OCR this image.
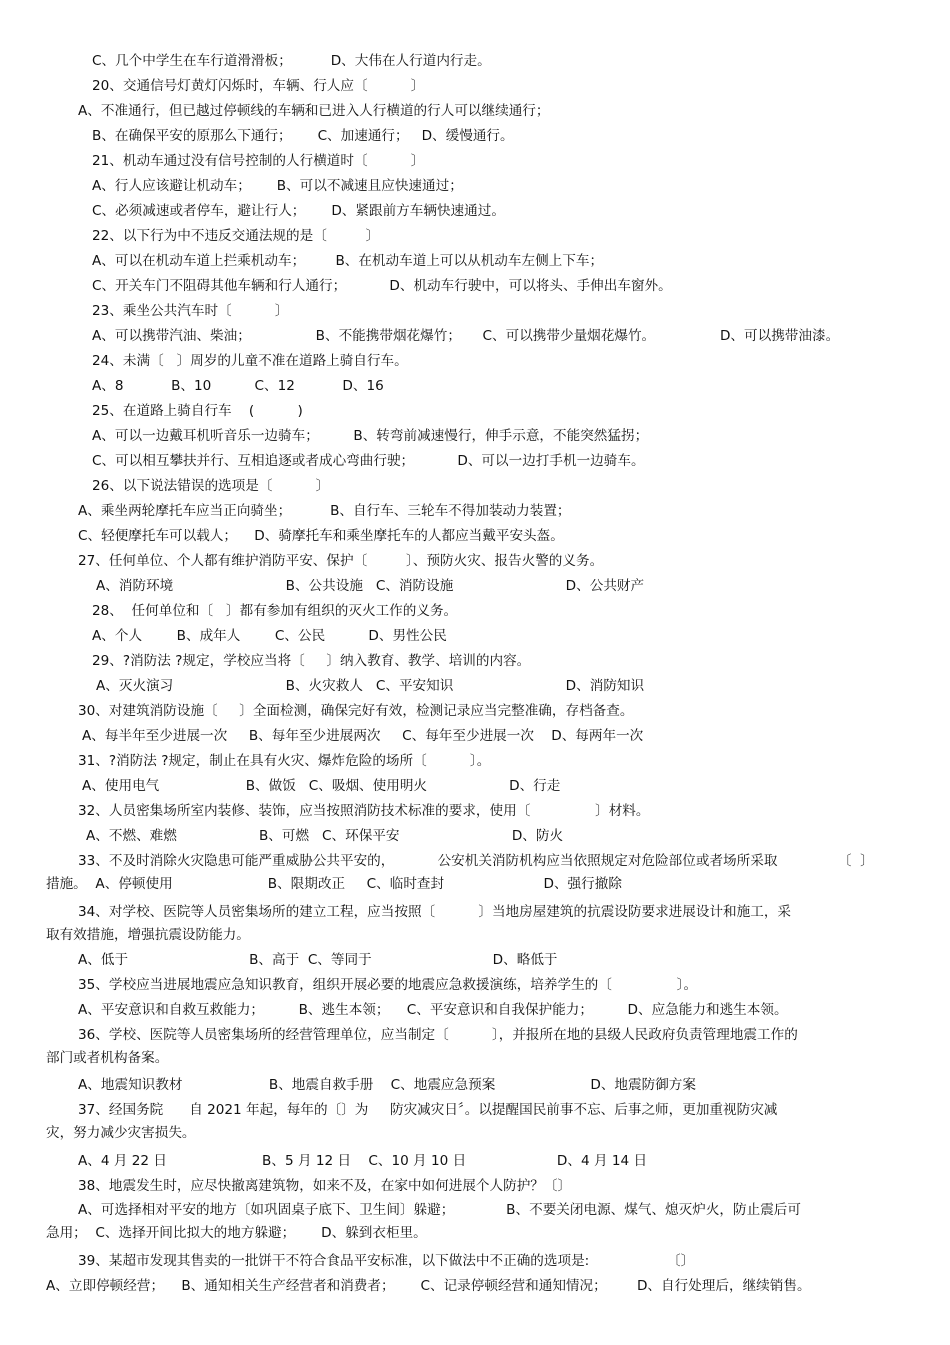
C、几个中学生在车行道滑滑板；         D、大伟在人行道内行走。
20、交通信号灯黄灯闪烁时，车辆、行人应〔          〕
A、不准通行，但已越过停顿线的车辆和已进入人行横道的行人可以继续通行；
B、在确保平安的原那么下通行；      C、加速通行；   D、缓慢通行。
21、机动车通过没有信号控制的人行横道时〔          〕
A、行人应该避让机动车；      B、可以不减速且应快速通过；
C、必须减速或者停车，避让行人；      D、紧跟前方车辆快速通过。
22、以下行为中不违反交通法规的是〔         〕
A、可以在机动车道上拦乘机动车；       B、在机动车道上可以从机动车左侧上下车；
C、开关车门不阻碍其他车辆和行人通行；          D、机动车行驶中，可以将头、手伸出车窗外。
23、乘坐公共汽车时〔          〕
A、可以携带汽油、柴油；               B、不能携带烟花爆竹；     C、可以携带少量烟花爆竹。               D、可以携带油漆。
24、未满〔   〕周岁的儿童不准在道路上骑自行车。
A、8           B、10          C、12           D、16
25、在道路上骑自行车    (          )
A、可以一边戴耳机听音乐一边骑车；        B、转弯前减速慢行，伸手示意，不能突然猛拐；
C、可以相互攀扶并行、互相追逐或者成心弯曲行驶；          D、可以一边打手机一边骑车。
26、以下说法错误的选项是〔          〕
A、乘坐两轮摩托车应当正向骑坐；         B、自行车、三轮车不得加装动力装置；
C、轻便摩托车可以载人；    D、骑摩托车和乘坐摩托车的人都应当戴平安头盔。
27、任何单位、个人都有维护消防平安、保护〔         〕、预防火灾、报告火警的义务。
A、消防环境                          B、公共设施   C、消防设施                          D、公共财产
28、  任何单位和〔   〕都有参加有组织的灭火工作的义务。
A、个人        B、成年人        C、公民          D、男性公民
29、?消防法 ?规定，学校应当将〔     〕纳入教育、教学、培训的内容。
A、灭火演习                          B、火灾救人   C、平安知识                          D、消防知识
30、对建筑消防设施〔     〕全面检测，确保完好有效，检测记录应当完整准确，存档备查。
A、每半年至少进展一次     B、每年至少进展两次     C、每年至少进展一次    D、每两年一次
31、?消防法 ?规定，制止在具有火灾、爆炸危险的场所〔          〕。
A、使用电气                    B、做饭   C、吸烟、使用明火                   D、行走
32、人员密集场所室内装修、装饰，应当按照消防技术标准的要求，使用〔               〕材料。
A、不燃、难燃                   B、可燃   C、环保平安                          D、防火
33、不及时消除火灾隐患可能严重威胁公共平安的，          公安机关消防机构应当依照规定对危险部位或者场所采取              〔  〕
措施。  A、停顿使用                      B、限期改正     C、临时查封                       D、强行撤除
34、对学校、医院等人员密集场所的建立工程，应当按照〔          〕当地房屋建筑的抗震设防要求进展设计和施工，采
取有效措施，增强抗震设防能力。
A、低于                            B、高于  C、等同于                            D、略低于
35、学校应当进展地震应急知识教育，组织开展必要的地震应急救援演练，培养学生的〔               〕。
A、平安意识和自救互救能力；        B、逃生本领；    C、平安意识和自我保护能力；        D、应急能力和逃生本领。
36、学校、医院等人员密集场所的经营管理单位，应当制定〔          〕，并报所在地的县级人民政府负责管理地震工作的
部门或者机构备案。
A、地震知识教材                    B、地震自救手册    C、地震应急预案                      D、地震防御方案
37、经国务院      自 2021 年起，每年的〔〕为     防灾减灾日〞。以提醒国民前事不忘、后事之师，更加重视防灾减
灾，努力减少灾害损失。
A、4 月 22 日                      B、5 月 12 日    C、10 月 10 日                     D、4 月 14 日
38、地震发生时，应尽快撤离建筑物，如来不及，在家中如何进展个人防护？〔〕
A、可选择相对平安的地方〔如巩固桌子底下、卫生间〕躲避；            B、不要关闭电源、煤气、熄灭炉火，防止震后可
急用；  C、选择开间比拟大的地方躲避；      D、躲到衣柜里。
39、某超市发现其售卖的一批饼干不符合食品平安标准，以下做法中不正确的选项是:                  〔〕
A、立即停顿经营；    B、通知相关生产经营者和消费者；      C、记录停顿经营和通知情况；       D、自行处理后，继续销售。
